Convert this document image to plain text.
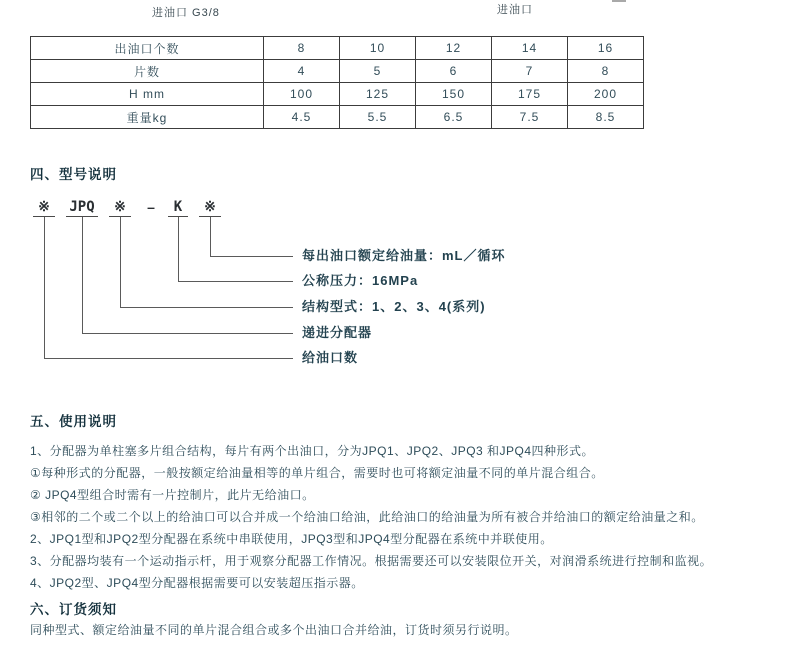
进油口 G3/8	进油口
出油口个数	8	10	12	14	16
片数	4	5	6	7	8
H mm	100	125	150	175	200
重量kg	4.5	5.5	6.5	7.5	8.5
四、型号说明
※	JPQ	※	–	K	※
每出油口额定给油量：mL／循环
公称压力：16MPa
结构型式：1、2、3、4(系列)
递进分配器
给油口数
五、使用说明
1、分配器为单柱塞多片组合结构，每片有两个出油口，分为JPQ1、JPQ2、JPQ3 和JPQ4四种形式。
①每种形式的分配器，一般按额定给油量相等的单片组合，需要时也可将额定油量不同的单片混合组合。
② JPQ4型组合时需有一片控制片，此片无给油口。
③相邻的二个或二个以上的给油口可以合并成一个给油口给油，此给油口的给油量为所有被合并给油口的额定给油量之和。
2、JPQ1型和JPQ2型分配器在系统中串联使用，JPQ3型和JPQ4型分配器在系统中并联使用。
3、分配器均装有一个运动指示杆，用于观察分配器工作情况。根据需要还可以安装限位开关，对润滑系统进行控制和监视。
4、JPQ2型、JPQ4型分配器根据需要可以安装超压指示器。
六、订货须知
同种型式、额定给油量不同的单片混合组合或多个出油口合并给油，订货时须另行说明。
